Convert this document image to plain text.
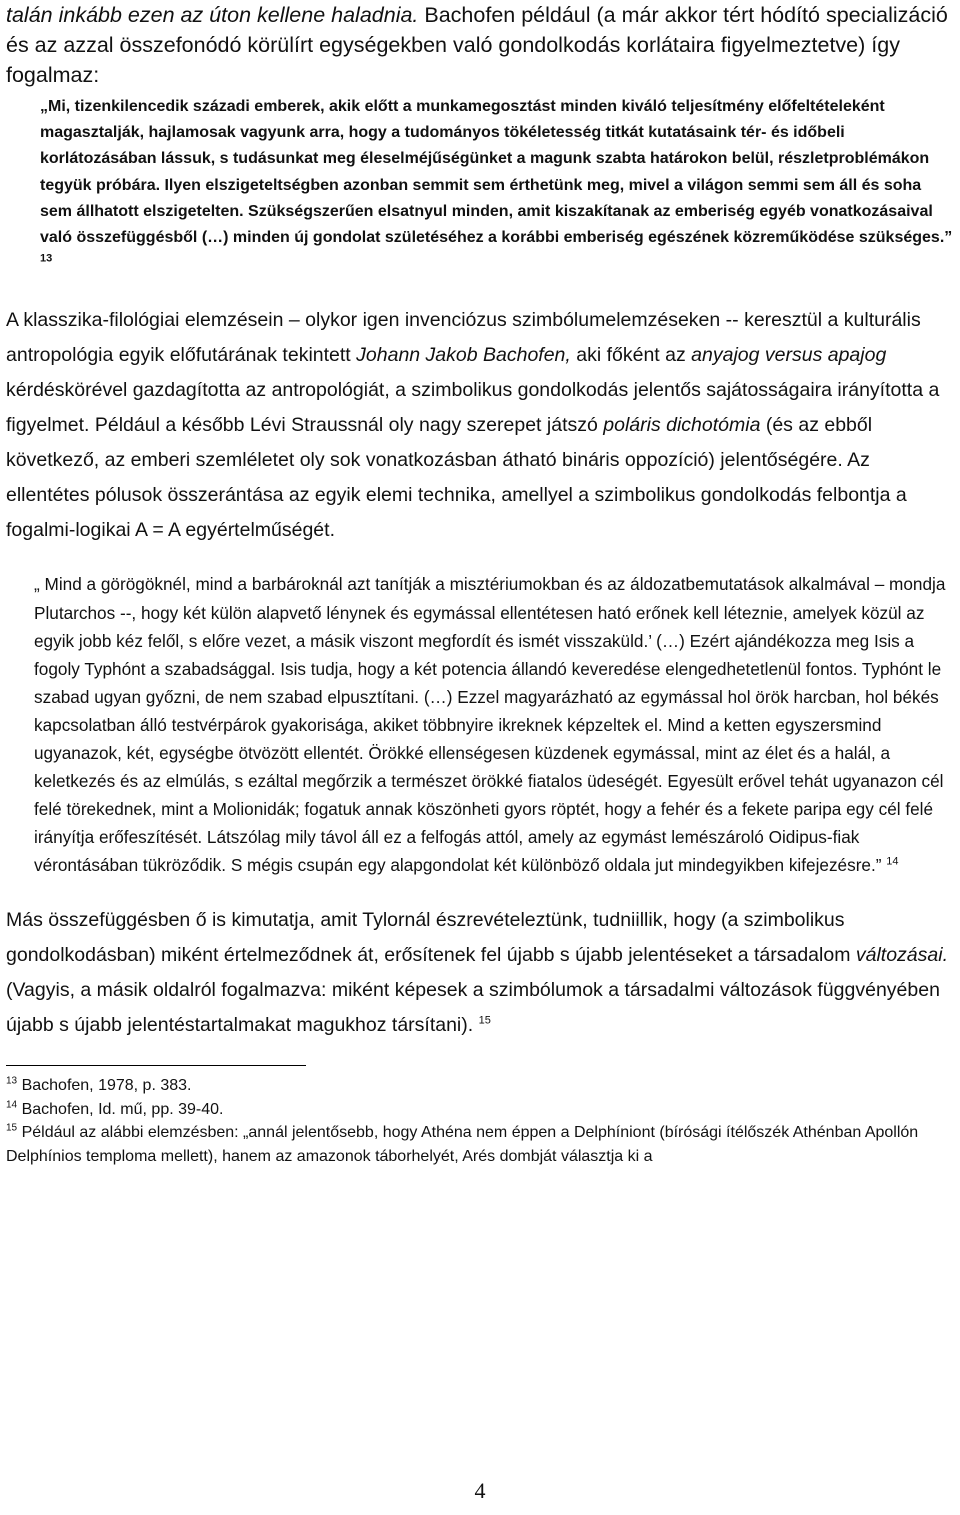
talán inkább ezen az úton kellene haladnia. Bachofen például (a már akkor tért hódító specializáció és az azzal összefonódó körülírt egységekben való gondolkodás korlátaira figyelmeztetve) így fogalmaz:

„Mi, tizenkilencedik századi emberek, akik előtt a munkamegosztást minden kiváló teljesítmény előfeltételeként magasztalják, hajlamosak vagyunk arra, hogy a tudományos tökéletesség titkát kutatásaink tér- és időbeli korlátozásában lássuk, s tudásunkat meg éleselméjűségünket a magunk szabta határokon belül, részletproblémákon tegyük próbára. Ilyen elszigeteltségben azonban semmit sem érthetünk meg, mivel a világon semmi sem áll és soha sem állhatott elszigetelten. Szükségszerűen elsatnyul minden, amit kiszakítanak az emberiség egyéb vonatkozásaival való összefüggésből (…) minden új gondolat születéséhez a korábbi emberiség egészének közreműködése szükséges.” $^{13}$

A klasszika-filológiai elemzésein – olykor igen invenciózus szimbólumelemzéseken -- keresztül a kulturális antropológia egyik előfutárának tekintett Johann Jakob Bachofen, aki főként az anyajog versus apajog kérdéskörével gazdagította az antropológiát, a szimbolikus gondolkodás jelentős sajátosságaira irányította a figyelmet. Például a később Lévi Straussnál oly nagy szerepet játszó poláris dichotómia (és az ebből következő, az emberi szemléletet oly sok vonatkozásban átható bináris oppozíció) jelentőségére. Az ellentétes pólusok összerántása az egyik elemi technika, amellyel a szimbolikus gondolkodás felbontja a fogalmi-logikai A = A egyértelműségét.

„ Mind a görögöknél, mind a barbároknál azt tanítják a misztériumokban és az áldozatbemutatások alkalmával – mondja Plutarchos --, hogy két külön alapvető lénynek és egymással ellentétesen ható erőnek kell léteznie, amelyek közül az egyik jobb kéz felől, s előre vezet, a másik viszont megfordít és ismét visszaküld.’ (…) Ezért ajándékozza meg Isis a fogoly Typhónt a szabadsággal. Isis tudja, hogy a két potencia állandó keveredése elengedhetetlenül fontos. Typhónt le szabad ugyan győzni, de nem szabad elpusztítani. (…) Ezzel magyarázható az egymással hol örök harcban, hol békés kapcsolatban álló testvérpárok gyakorisága, akiket többnyire ikreknek képzeltek el. Mind a ketten egyszersmind ugyanazok, két, egységbe ötvözött ellentét. Örökké ellenségesen küzdenek egymással, mint az élet és a halál, a keletkezés és az elmúlás, s ezáltal megőrzik a természet örökké fiatalos üdeségét. Egyesült erővel tehát ugyanazon cél felé törekednek, mint a Molionidák; fogatuk annak köszönheti gyors röptét, hogy a fehér és a fekete paripa egy cél felé irányítja erőfeszítését. Látszólag mily távol áll ez a felfogás attól, amely az egymást lemészároló Oidipus-fiak vérontásában tükröződik. S mégis csupán egy alapgondolat két különböző oldala jut mindegyikben kifejezésre.” $^{14}$

Más összefüggésben ő is kimutatja, amit Tylornál észrevételeztünk, tudniillik, hogy (a szimbolikus gondolkodásban) miként értelmeződnek át, erősítenek fel újabb s újabb jelentéseket a társadalom változásai. (Vagyis, a másik oldalról fogalmazva: miként képesek a szimbólumok a társadalmi változások függvényében újabb s újabb jelentéstartalmakat magukhoz társítani). $^{15}$

$^{13}$ Bachofen, 1978, p. 383.

$^{14}$ Bachofen, Id. mű, pp. 39-40.

$^{15}$ Például az alábbi elemzésben: „annál jelentősebb, hogy Athéna nem éppen a Delphíniont (bírósági ítélőszék Athénban Apollón Delphínios temploma mellett), hanem az amazonok táborhelyét, Arés dombját választja ki a

4
